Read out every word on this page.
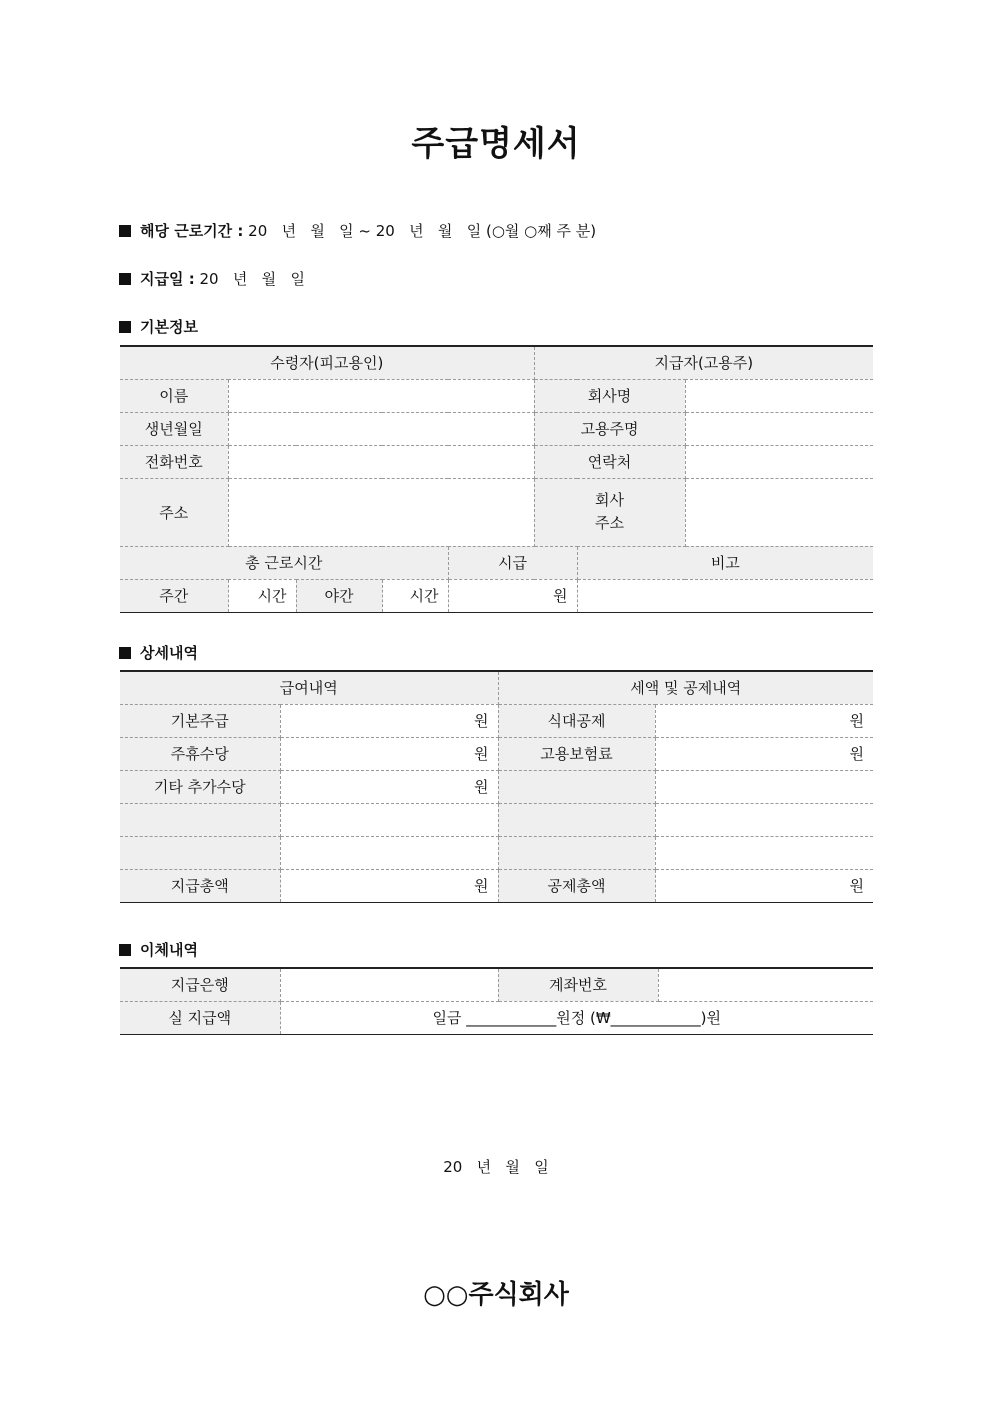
주급명세서
해당 근로기간 : 20   년   월   일 ~ 20   년   월   일 (○월 ○째 주 분)
지급일 : 20   년   월   일
기본정보
수령자(피고용인)					지급자(고용주)		
이름					회사명		
생년월일					고용주명		
전화번호					연락처		
주소					회사
주소		
총 근로시간				시급		비고	
주간	시간	야간	시간	원			
상세내역
급여내역		세액 및 공제내역	
기본주급	원	식대공제	원
주휴수당	원	고용보험료	원
기타 추가수당	원		

지급총액	원	공제총액	원
이체내역
지급은행		계좌번호	
실 지급액	일금 ____________원정 (₩____________)원		
20   년   월   일
○○주식회사
